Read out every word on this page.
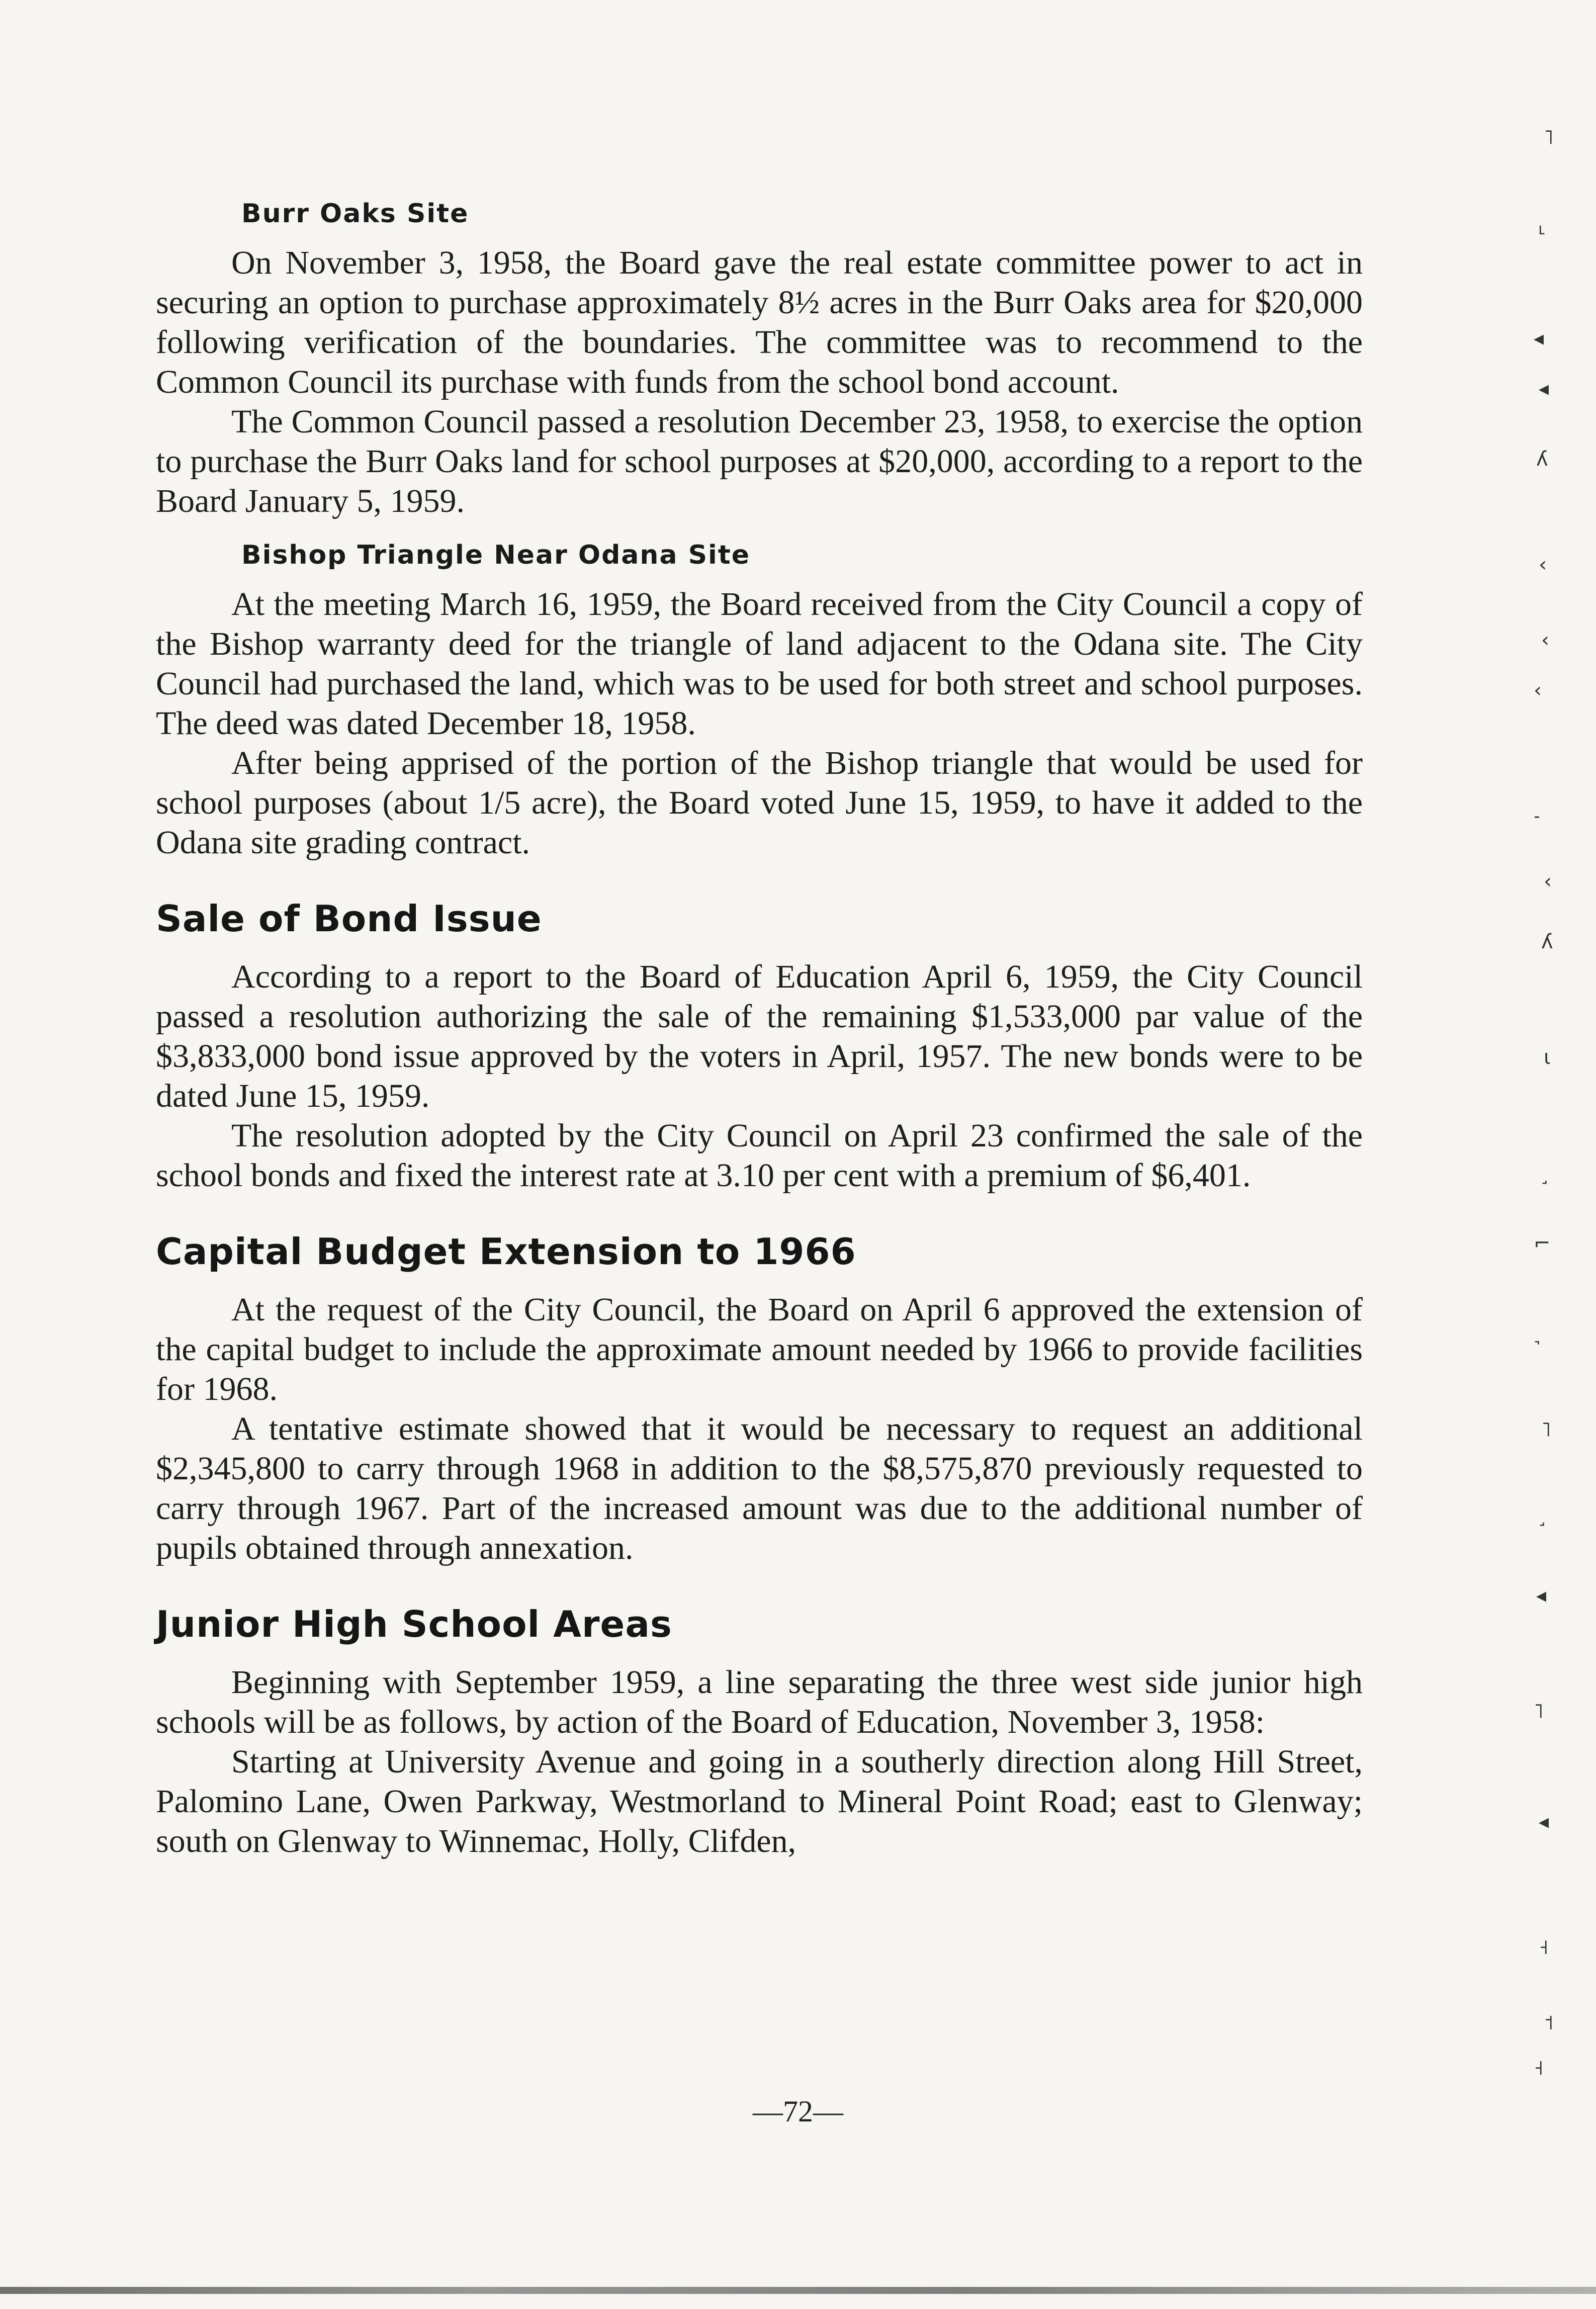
Burr Oaks Site

On November 3, 1958, the Board gave the real estate committee power to act in securing an option to purchase approximately 8½ acres in the Burr Oaks area for $20,000 following verification of the boundaries. The committee was to recommend to the Common Council its purchase with funds from the school bond account.

The Common Council passed a resolution December 23, 1958, to exercise the option to purchase the Burr Oaks land for school purposes at $20,000, according to a report to the Board January 5, 1959.

Bishop Triangle Near Odana Site

At the meeting March 16, 1959, the Board received from the City Council a copy of the Bishop warranty deed for the triangle of land adjacent to the Odana site. The City Council had purchased the land, which was to be used for both street and school purposes. The deed was dated December 18, 1958.

After being apprised of the portion of the Bishop triangle that would be used for school purposes (about 1/5 acre), the Board voted June 15, 1959, to have it added to the Odana site grading contract.

Sale of Bond Issue

According to a report to the Board of Education April 6, 1959, the City Council passed a resolution authorizing the sale of the remaining $1,533,000 par value of the $3,833,000 bond issue approved by the voters in April, 1957. The new bonds were to be dated June 15, 1959.

The resolution adopted by the City Council on April 23 confirmed the sale of the school bonds and fixed the interest rate at 3.10 per cent with a premium of $6,401.

Capital Budget Extension to 1966

At the request of the City Council, the Board on April 6 approved the extension of the capital budget to include the approximate amount needed by 1966 to provide facilities for 1968.

A tentative estimate showed that it would be necessary to request an additional $2,345,800 to carry through 1968 in addition to the $8,575,870 previously requested to carry through 1967. Part of the increased amount was due to the additional number of pupils obtained through annexation.

Junior High School Areas

Beginning with September 1959, a line separating the three west side junior high schools will be as follows, by action of the Board of Education, November 3, 1958:

Starting at University Avenue and going in a southerly direction along Hill Street, Palomino Lane, Owen Parkway, Westmorland to Mineral Point Road; east to Glenway; south on Glenway to Winnemac, Holly, Clifden,

—72—
˥
˪
◂
◂
ʎ
‹
‹
‹
˗
‹
ʎ
ɩ
˼
⌐
˺
˥
˼
◂
˥
◂
˧
˦
˧
